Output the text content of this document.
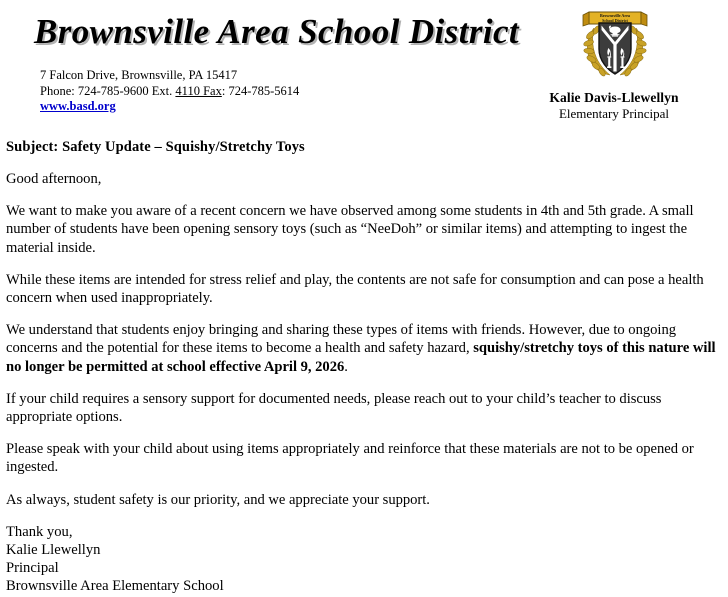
Brownsville Area School District
7 Falcon Drive, Brownsville, PA 15417
Phone: 724-785-9600 Ext. 4110 Fax: 724-785-5614
www.basd.org
Brownsville Area
School District
Kalie Davis-Llewellyn
Elementary Principal

Subject: Safety Update – Squishy/Stretchy Toys

Good afternoon,

We want to make you aware of a recent concern we have observed among some students in 4th and 5th grade. A small number of students have been opening sensory toys (such as “NeeDoh” or similar items) and attempting to ingest the material inside.

While these items are intended for stress relief and play, the contents are not safe for consumption and can pose a health concern when used inappropriately.

We understand that students enjoy bringing and sharing these types of items with friends. However, due to ongoing concerns and the potential for these items to become a health and safety hazard, squishy/stretchy toys of this nature will no longer be permitted at school effective April 9, 2026.

If your child requires a sensory support for documented needs, please reach out to your child’s teacher to discuss appropriate options.

Please speak with your child about using items appropriately and reinforce that these materials are not to be opened or ingested.

As always, student safety is our priority, and we appreciate your support.

Thank you,
Kalie Llewellyn
Principal
Brownsville Area Elementary School
